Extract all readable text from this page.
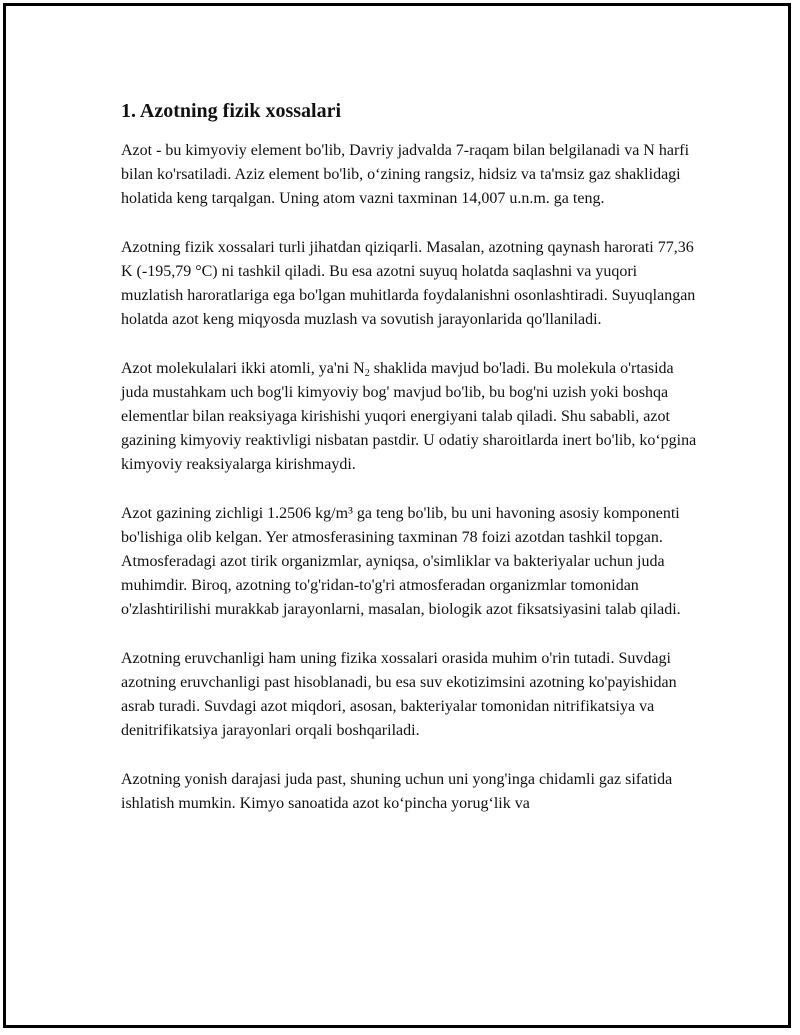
1. Azotning fizik xossalari

Azot - bu kimyoviy element bo'lib, Davriy jadvalda 7-raqam bilan belgilanadi va N harfi bilan ko'rsatiladi. Aziz element bo'lib, o‘zining rangsiz, hidsiz va ta'msiz gaz shaklidagi holatida keng tarqalgan. Uning atom vazni taxminan 14,007 u.n.m. ga teng.

Azotning fizik xossalari turli jihatdan qiziqarli. Masalan, azotning qaynash harorati 77,36 K (-195,79 °C) ni tashkil qiladi. Bu esa azotni suyuq holatda saqlashni va yuqori muzlatish haroratlariga ega bo'lgan muhitlarda foydalanishni osonlashtiradi. Suyuqlangan holatda azot keng miqyosda muzlash va sovutish jarayonlarida qo'llaniladi.

Azot molekulalari ikki atomli, ya'ni $N_2$ shaklida mavjud bo'ladi. Bu molekula o'rtasida juda mustahkam uch bog'li kimyoviy bog' mavjud bo'lib, bu bog'ni uzish yoki boshqa elementlar bilan reaksiyaga kirishishi yuqori energiyani talab qiladi. Shu sababli, azot gazining kimyoviy reaktivligi nisbatan pastdir. U odatiy sharoitlarda inert bo'lib, ko‘pgina kimyoviy reaksiyalarga kirishmaydi.

Azot gazining zichligi 1.2506 kg/m³ ga teng bo'lib, bu uni havoning asosiy komponenti bo'lishiga olib kelgan. Yer atmosferasining taxminan 78 foizi azotdan tashkil topgan. Atmosferadagi azot tirik organizmlar, ayniqsa, o'simliklar va bakteriyalar uchun juda muhimdir. Biroq, azotning to'g'ridan-to'g'ri atmosferadan organizmlar tomonidan o'zlashtirilishi murakkab jarayonlarni, masalan, biologik azot fiksatsiyasini talab qiladi.

Azotning eruvchanligi ham uning fizika xossalari orasida muhim o'rin tutadi. Suvdagi azotning eruvchanligi past hisoblanadi, bu esa suv ekotizimsini azotning ko'payishidan asrab turadi. Suvdagi azot miqdori, asosan, bakteriyalar tomonidan nitrifikatsiya va denitrifikatsiya jarayonlari orqali boshqariladi.

Azotning yonish darajasi juda past, shuning uchun uni yong'inga chidamli gaz sifatida ishlatish mumkin. Kimyo sanoatida azot ko‘pincha yorug‘lik va
